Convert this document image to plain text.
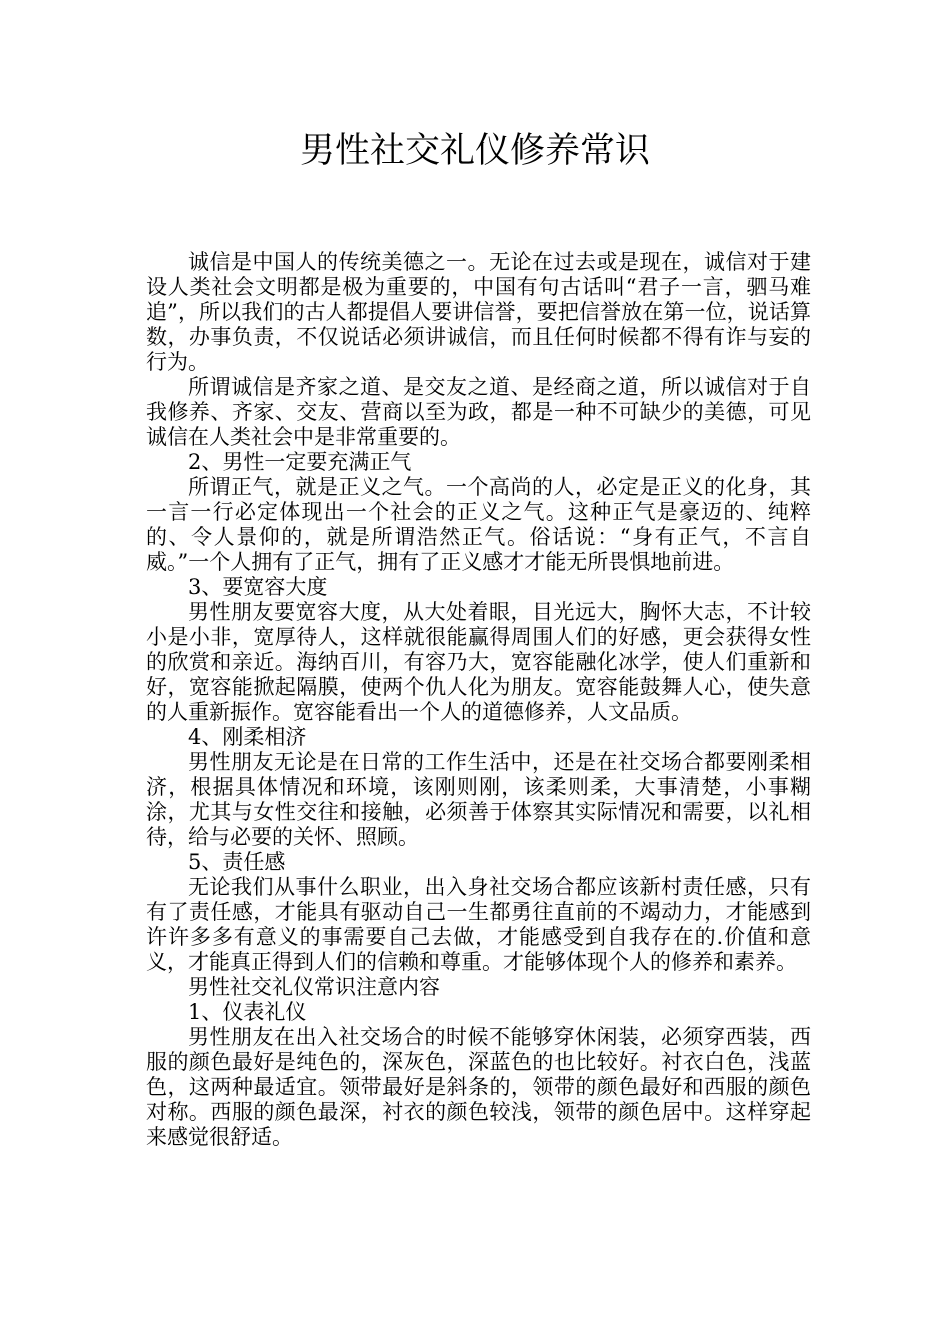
男性社交礼仪修养常识

诚信是中国人的传统美德之一。无论在过去或是现在，诚信对于建设人类社会文明都是极为重要的，中国有句古话叫“君子一言，驷马难追”，所以我们的古人都提倡人要讲信誉，要把信誉放在第一位，说话算数，办事负责，不仅说话必须讲诚信，而且任何时候都不得有诈与妄的行为。

所谓诚信是齐家之道、是交友之道、是经商之道，所以诚信对于自我修养、齐家、交友、营商以至为政，都是一种不可缺少的美德，可见诚信在人类社会中是非常重要的。

2、男性一定要充满正气

所谓正气，就是正义之气。一个高尚的人，必定是正义的化身，其一言一行必定体现出一个社会的正义之气。这种正气是豪迈的、纯粹的、令人景仰的，就是所谓浩然正气。俗话说：“身有正气，不言自威。”一个人拥有了正气，拥有了正义感才才能无所畏惧地前进。

3、要宽容大度

男性朋友要宽容大度，从大处着眼，目光远大，胸怀大志，不计较小是小非，宽厚待人，这样就很能赢得周围人们的好感，更会获得女性的欣赏和亲近。海纳百川，有容乃大，宽容能融化冰学，使人们重新和好，宽容能掀起隔膜，使两个仇人化为朋友。宽容能鼓舞人心，使失意的人重新振作。宽容能看出一个人的道德修养，人文品质。

4、刚柔相济

男性朋友无论是在日常的工作生活中，还是在社交场合都要刚柔相济，根据具体情况和环境，该刚则刚，该柔则柔，大事清楚，小事糊涂，尤其与女性交往和接触，必须善于体察其实际情况和需要，以礼相待，给与必要的关怀、照顾。

5、责任感

无论我们从事什么职业，出入身社交场合都应该新村责任感，只有有了责任感，才能具有驱动自己一生都勇往直前的不竭动力，才能感到许许多多有意义的事需要自己去做，才能感受到自我存在的.价值和意义，才能真正得到人们的信赖和尊重。才能够体现个人的修养和素养。

男性社交礼仪常识注意内容

1、仪表礼仪

男性朋友在出入社交场合的时候不能够穿休闲装，必须穿西装，西服的颜色最好是纯色的，深灰色，深蓝色的也比较好。衬衣白色，浅蓝色，这两种最适宜。领带最好是斜条的，领带的颜色最好和西服的颜色对称。西服的颜色最深，衬衣的颜色较浅，领带的颜色居中。这样穿起来感觉很舒适。
